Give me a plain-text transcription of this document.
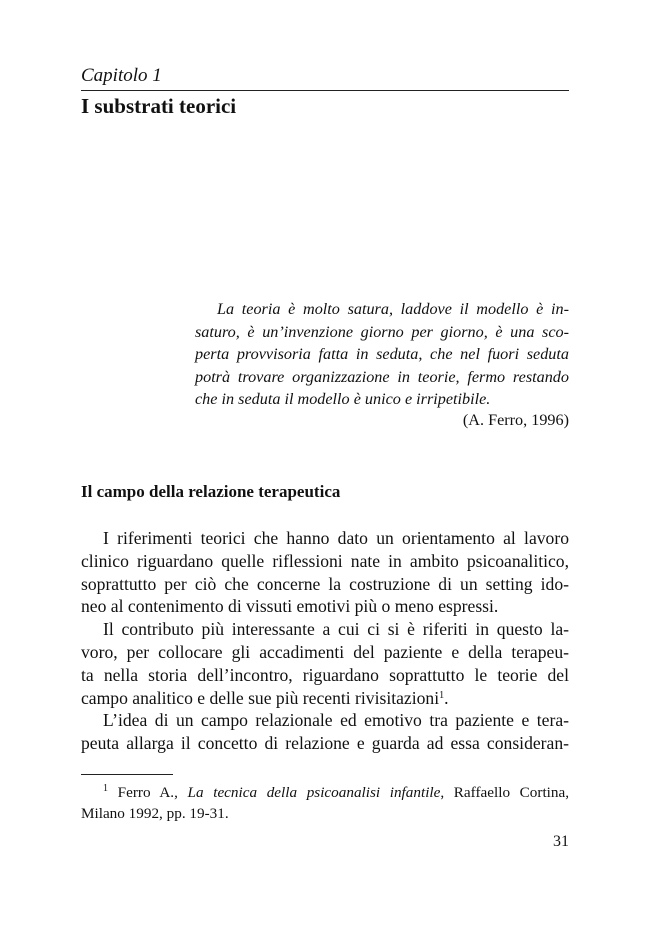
Capitolo 1
I substrati teorici
La teoria è molto satura, laddove il modello è in-
saturo, è un’invenzione giorno per giorno, è una sco-
perta provvisoria fatta in seduta, che nel fuori seduta
potrà trovare organizzazione in teorie, fermo restando
che in seduta il modello è unico e irripetibile.
(A. Ferro, 1996)
Il campo della relazione terapeutica
I riferimenti teorici che hanno dato un orientamento al lavoro
clinico riguardano quelle riflessioni nate in ambito psicoanalitico,
soprattutto per ciò che concerne la costruzione di un setting ido-
neo al contenimento di vissuti emotivi più o meno espressi.
Il contributo più interessante a cui ci si è riferiti in questo la-
voro, per collocare gli accadimenti del paziente e della terapeu-
ta nella storia dell’incontro, riguardano soprattutto le teorie del
campo analitico e delle sue più recenti rivisitazioni$^1$.
L’idea di un campo relazionale ed emotivo tra paziente e tera-
peuta allarga il concetto di relazione e guarda ad essa consideran-
$^1$ Ferro A., La tecnica della psicoanalisi infantile, Raffaello Cortina,
Milano 1992, pp. 19-31.
31
